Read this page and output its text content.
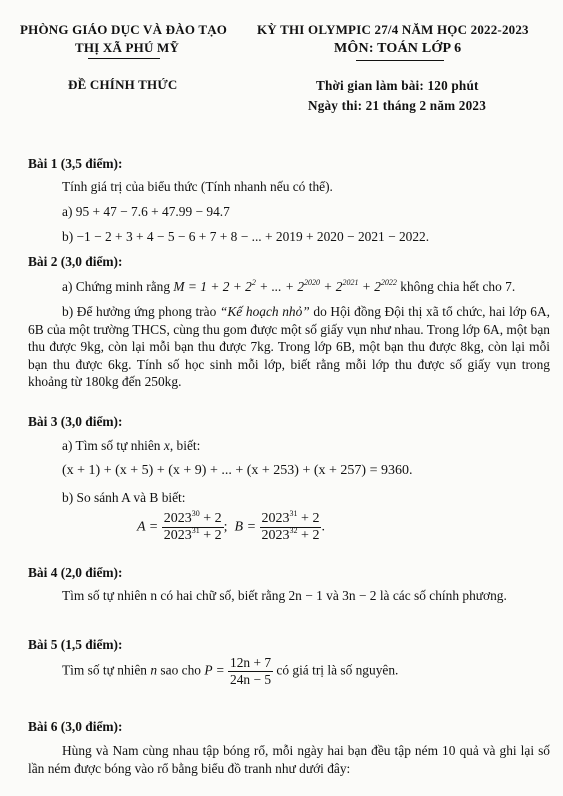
PHÒNG GIÁO DỤC VÀ ĐÀO TẠO
THỊ XÃ PHÚ MỸ
ĐỀ CHÍNH THỨC
KỲ THI OLYMPIC 27/4 NĂM HỌC 2022-2023
MÔN: TOÁN LỚP 6
Thời gian làm bài: 120 phút
Ngày thi: 21 tháng 2 năm 2023
Bài 1 (3,5 điểm):
Tính giá trị của biểu thức (Tính nhanh nếu có thể).
a) 95 + 47 − 7.6 + 47.99 − 94.7
b) −1 − 2 + 3 + 4 − 5 − 6 + 7 + 8 − ... + 2019 + 2020 − 2021 − 2022.
Bài 2 (3,0 điểm):
a) Chứng minh rằng $M = 1 + 2 + 2^2$ + ... + $2^{2020} + 2^{2021} + 2^{2022}$ không chia hết cho 7.
b) Để hưởng ứng phong trào “Kế hoạch nhỏ” do Hội đồng Đội thị xã tổ chức, hai lớp 6A, 6B của một trường THCS, cùng thu gom được một số giấy vụn như nhau. Trong lớp 6A, một bạn thu được 9kg, còn lại mỗi bạn thu được 7kg. Trong lớp 6B, một bạn thu được 8kg, còn lại mỗi bạn thu được 6kg. Tính số học sinh mỗi lớp, biết rằng mỗi lớp thu được số giấy vụn trong khoảng từ 180kg đến 250kg.
Bài 3 (3,0 điểm):
a) Tìm số tự nhiên x, biết:
(x + 1) + (x + 5) + (x + 9) + ... + (x + 253) + (x + 257) = 9360.
b) So sánh A và B biết:
$A = \frac{2023^{30} + 2}{2023^{31} + 2}$ ; $B = \frac{2023^{31} + 2}{2023^{32} + 2}$ .
Bài 4 (2,0 điểm):
Tìm số tự nhiên n có hai chữ số, biết rằng 2n − 1 và 3n − 2 là các số chính phương.
Bài 5 (1,5 điểm):
Tìm số tự nhiên n sao cho $P = \frac{12n + 7}{24n - 5}$ có giá trị là số nguyên.
Bài 6 (3,0 điểm):
Hùng và Nam cùng nhau tập bóng rổ, mỗi ngày hai bạn đều tập ném 10 quả và ghi lại số lần ném được bóng vào rổ bằng biểu đồ tranh như dưới đây:
